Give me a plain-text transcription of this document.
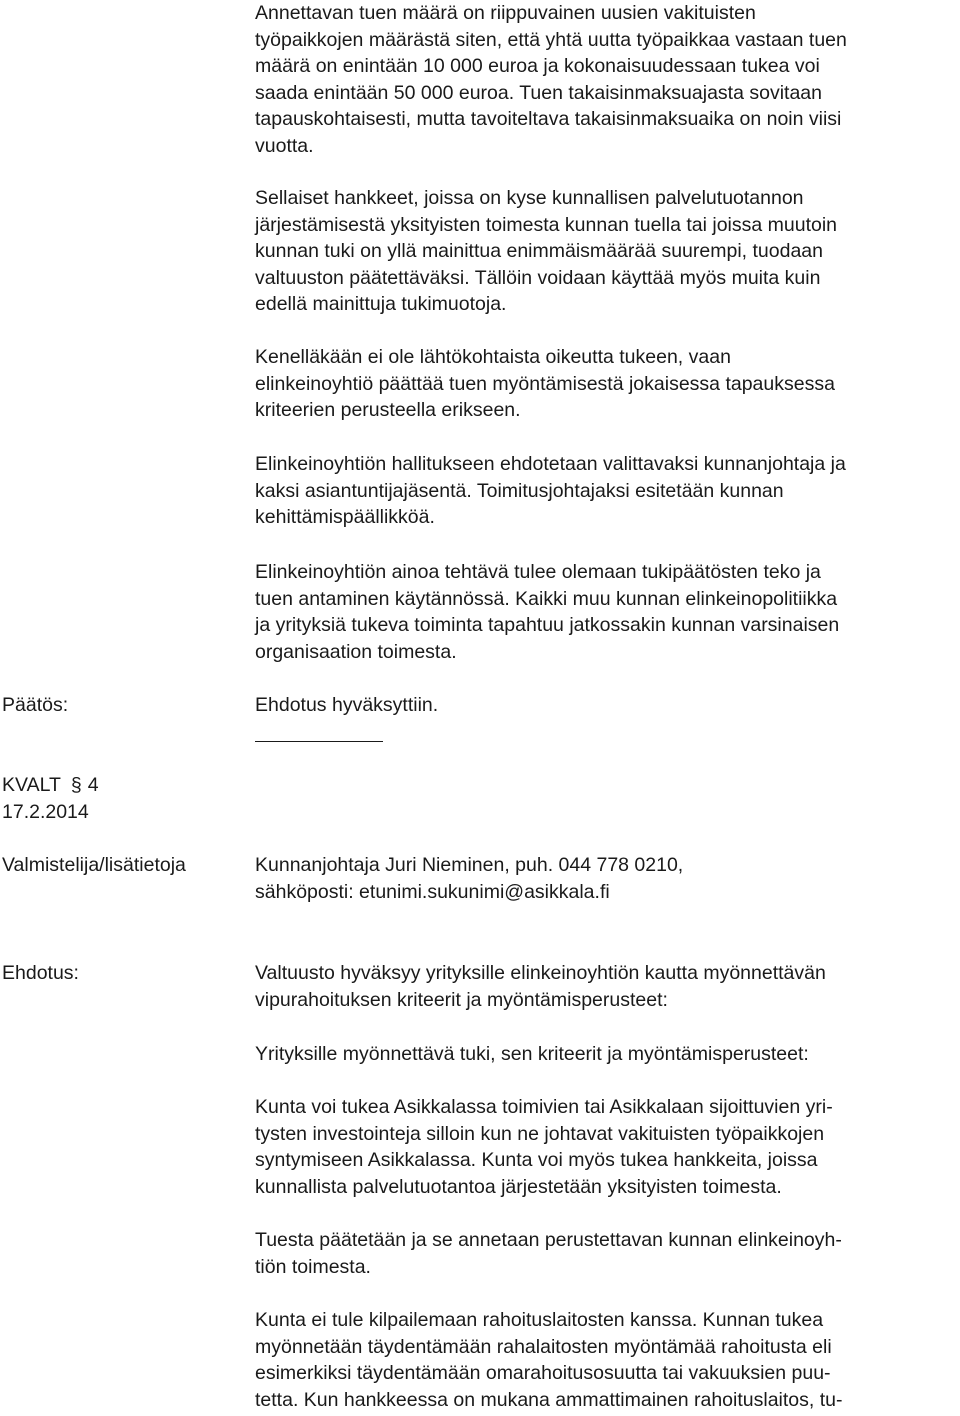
Annettavan tuen määrä on riippuvainen uusien vakituisten

työpaikkojen määrästä siten, että yhtä uutta työpaikkaa vastaan tuen

määrä on enintään 10 000 euroa ja kokonaisuudessaan tukea voi

saada enintään 50 000 euroa. Tuen takaisinmaksuajasta sovitaan

tapauskohtaisesti, mutta tavoiteltava takaisinmaksuaika on noin viisi

vuotta.

Sellaiset hankkeet, joissa on kyse kunnallisen palvelutuotannon

järjestämisestä yksityisten toimesta kunnan tuella tai joissa muutoin

kunnan tuki on yllä mainittua enimmäismäärää suurempi, tuodaan

valtuuston päätettäväksi. Tällöin voidaan käyttää myös muita kuin

edellä mainittuja tukimuotoja.

Kenelläkään ei ole lähtökohtaista oikeutta tukeen, vaan

elinkeinoyhtiö päättää tuen myöntämisestä jokaisessa tapauksessa

kriteerien perusteella erikseen.

Elinkeinoyhtiön hallitukseen ehdotetaan valittavaksi kunnanjohtaja ja

kaksi asiantuntijajäsentä. Toimitusjohtajaksi esitetään kunnan

kehittämispäällikköä.

Elinkeinoyhtiön ainoa tehtävä tulee olemaan tukipäätösten teko ja

tuen antaminen käytännössä. Kaikki muu kunnan elinkeinopolitiikka

ja yrityksiä tukeva toiminta tapahtuu jatkossakin kunnan varsinaisen

organisaation toimesta.

Päätös:	Ehdotus hyväksyttiin.

KVALT § 4

17.2.2014

Valmistelija/lisätietoja	Kunnanjohtaja Juri Nieminen, puh. 044 778 0210,

sähköposti: etunimi.sukunimi@asikkala.fi

Ehdotus:	Valtuusto hyväksyy yrityksille elinkeinoyhtiön kautta myönnettävän

vipurahoituksen kriteerit ja myöntämisperusteet:

Yrityksille myönnettävä tuki, sen kriteerit ja myöntämisperusteet:

Kunta voi tukea Asikkalassa toimivien tai Asikkalaan sijoittuvien yri-

tysten investointeja silloin kun ne johtavat vakituisten työpaikkojen

syntymiseen Asikkalassa. Kunta voi myös tukea hankkeita, joissa

kunnallista palvelutuotantoa järjestetään yksityisten toimesta.

Tuesta päätetään ja se annetaan perustettavan kunnan elinkeinoyh-

tiön toimesta.

Kunta ei tule kilpailemaan rahoituslaitosten kanssa. Kunnan tukea

myönnetään täydentämään rahalaitosten myöntämää rahoitusta eli

esimerkiksi täydentämään omarahoitusosuutta tai vakuuksien puu-

tetta. Kun hankkeessa on mukana ammattimainen rahoituslaitos, tu-
